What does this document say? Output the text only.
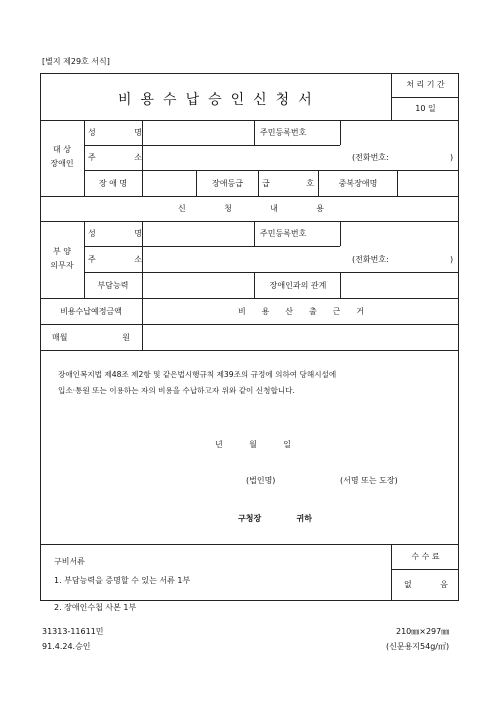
[별지 제29호 서식]
비용수납승인신청서
처 리 기 간
10 일
대 상
장애인
성 명	주민등록번호
주 소	(전화번호:	)
장 애 명	장애등급	급 호	중복장애명
신 청 내 용
부 양
의무자
성 명	주민등록번호
주 소	(전화번호:	)
부담능력	장애인과의 관계
비용수납예정금액	비 용 산 출 근 거
매월 원
장애인복지법 제48조 제2항 및 같은법시행규칙 제39조의 규정에 의하여 당해시설에
입소·통원 또는 이용하는 자의 비용을 수납하고자 위와 같이 신청합니다.
년 월 일
(법인명)	(서명 또는 도장)
구청장 귀하
구비서류
1. 부담능력을 증명할 수 있는 서류 1부
2. 장애인수첩 사본 1부
수 수 료
없 음
31313-11611민
91.4.24.승인
210㎜×297㎜
(신문용지54g/㎡)
